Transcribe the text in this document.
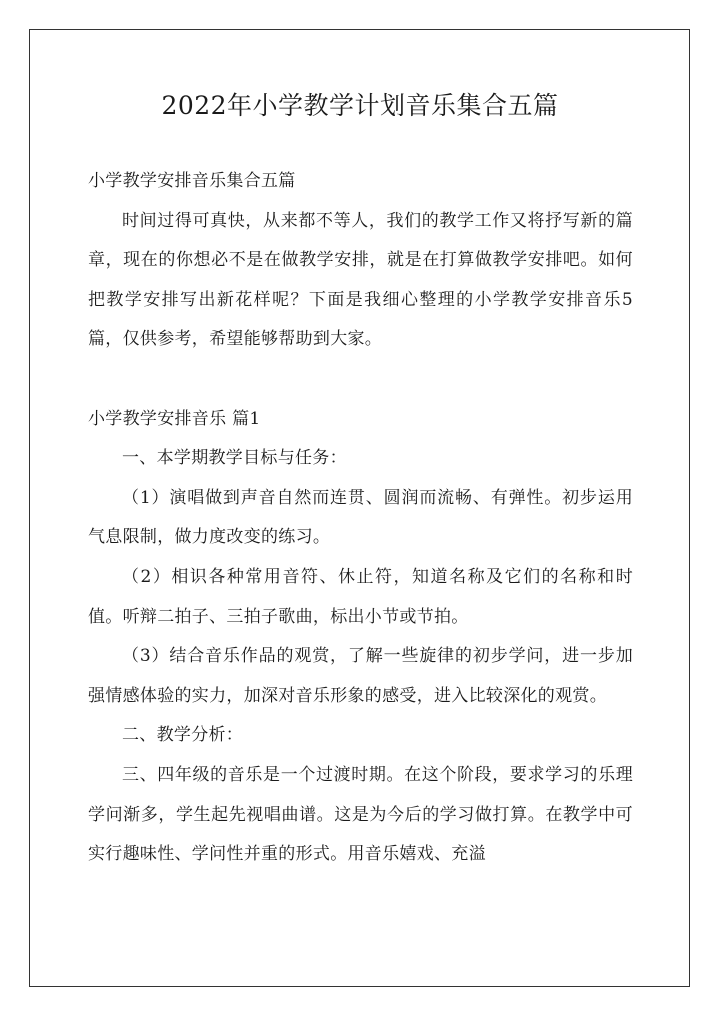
2022年小学教学计划音乐集合五篇

小学教学安排音乐集合五篇

时间过得可真快，从来都不等人，我们的教学工作又将抒写新的篇章，现在的你想必不是在做教学安排，就是在打算做教学安排吧。如何把教学安排写出新花样呢？下面是我细心整理的小学教学安排音乐5篇，仅供参考，希望能够帮助到大家。

小学教学安排音乐 篇1

一、本学期教学目标与任务：

（1）演唱做到声音自然而连贯、圆润而流畅、有弹性。初步运用气息限制，做力度改变的练习。

（2）相识各种常用音符、休止符，知道名称及它们的名称和时值。听辩二拍子、三拍子歌曲，标出小节或节拍。

（3）结合音乐作品的观赏，了解一些旋律的初步学问，进一步加强情感体验的实力，加深对音乐形象的感受，进入比较深化的观赏。

二、教学分析：

三、四年级的音乐是一个过渡时期。在这个阶段，要求学习的乐理学问渐多，学生起先视唱曲谱。这是为今后的学习做打算。在教学中可实行趣味性、学问性并重的形式。用音乐嬉戏、充溢
